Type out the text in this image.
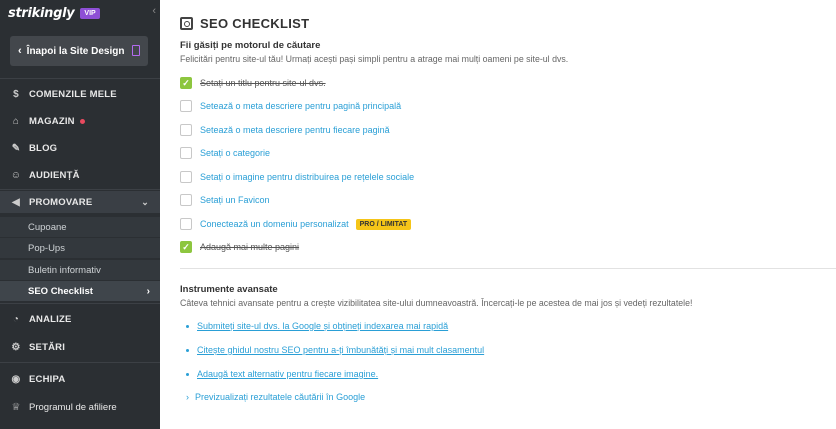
strikingly	VIP	‹
‹ Înapoi la Site Design
$	COMENZILE MELE
⌂	MAGAZIN
✎ BLOG
☺ AUDIENȚĂ
◀ PROMOVARE	⌄
Cupoane
Pop-Ups
Buletin informativ
SEO Checklist	›
◔	ANALIZE
⚙ SETĂRI
◉ ECHIPA
♕ Programul de afiliere
SEO CHECKLIST
Fii găsiți pe motorul de căutare
Felicitări pentru site-ul tău! Urmați acești pași simpli pentru a atrage mai mulți oameni pe site-ul dvs.
✓ Setați un titlu pentru site-ul dvs.
Setează o meta descriere pentru pagină principală
Setează o meta descriere pentru fiecare pagină
Setați o categorie
Setați o imagine pentru distribuirea pe rețelele sociale
Setați un Favicon
Conectează un domeniu personalizat	PRO / LIMITAT
✓ Adaugă mai multe pagini
Instrumente avansate
Câteva tehnici avansate pentru a crește vizibilitatea site-ului dumneavoastră. Încercați-le pe acestea de mai jos și vedeți rezultatele!
Submiteți site-ul dvs. la Google și obțineți indexarea mai rapidă
Citește ghidul nostru SEO pentru a-ți îmbunătăți și mai mult clasamentul
Adaugă text alternativ pentru fiecare imagine.
› Previzualizați rezultatele căutării în Google
